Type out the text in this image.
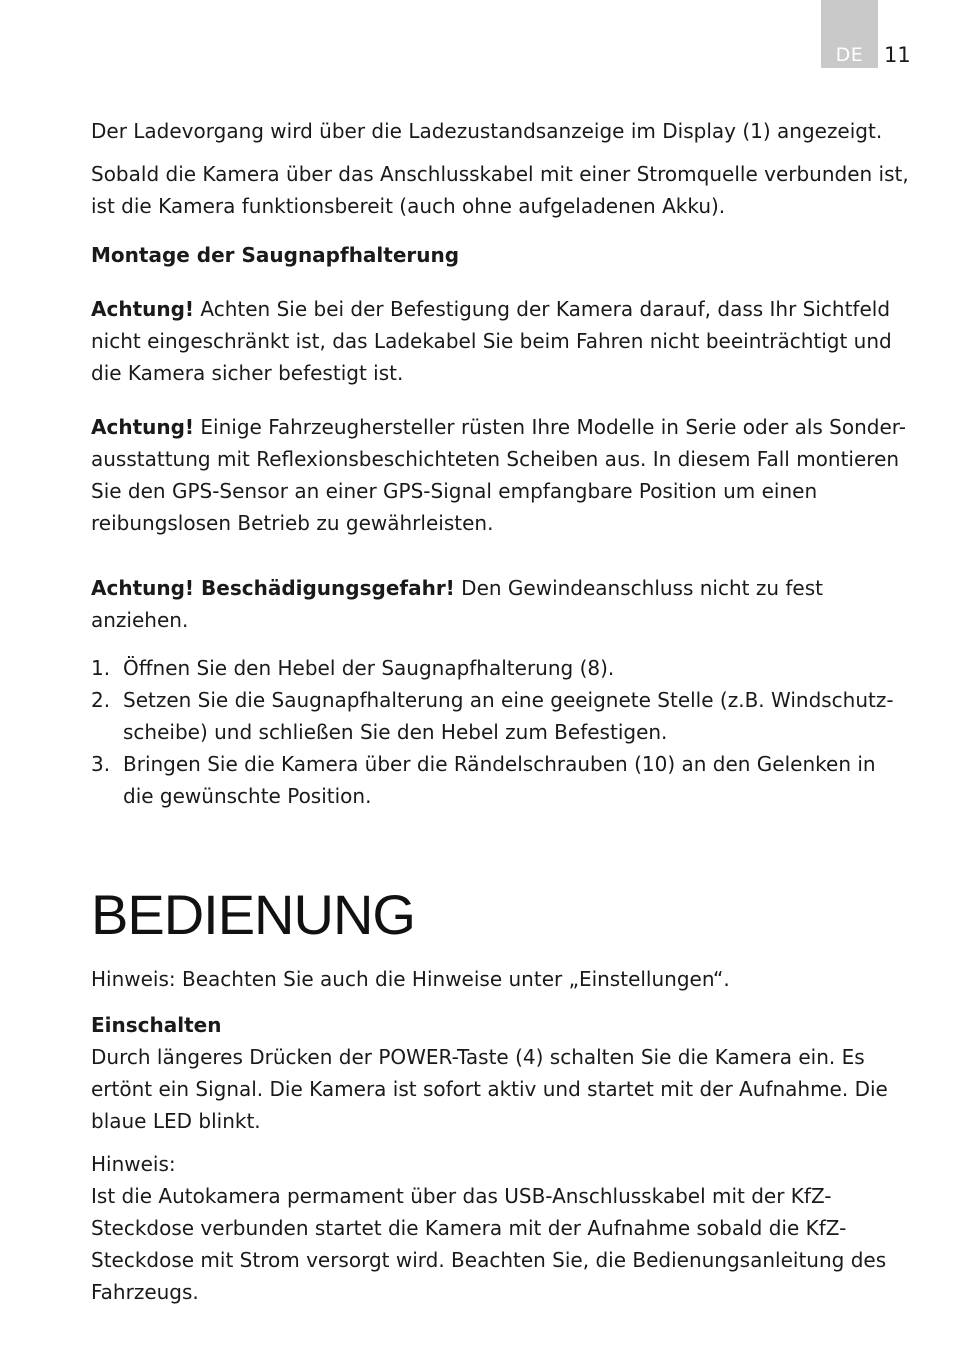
DE 11

Der Ladevorgang wird über die Ladezustandsanzeige im Display (1) angezeigt.

Sobald die Kamera über das Anschlusskabel mit einer Stromquelle verbunden ist, ist die Kamera funktionsbereit (auch ohne aufgeladenen Akku).

Montage der Saugnapfhalterung

Achtung! Achten Sie bei der Befestigung der Kamera darauf, dass Ihr Sichtfeld nicht eingeschränkt ist, das Ladekabel Sie beim Fahren nicht beeinträchtigt und die Kamera sicher befestigt ist.

Achtung! Einige Fahrzeughersteller rüsten Ihre Modelle in Serie oder als Sonder-ausstattung mit Reflexionsbeschichteten Scheiben aus. In diesem Fall montieren Sie den GPS-Sensor an einer GPS-Signal empfangbare Position um einen reibungslosen Betrieb zu gewährleisten.

Achtung! Beschädigungsgefahr! Den Gewindeanschluss nicht zu fest anziehen.

1. Öffnen Sie den Hebel der Saugnapfhalterung (8).
2. Setzen Sie die Saugnapfhalterung an eine geeignete Stelle (z.B. Windschutz-scheibe) und schließen Sie den Hebel zum Befestigen.
3. Bringen Sie die Kamera über die Rändelschrauben (10) an den Gelenken in die gewünschte Position.
BEDIENUNG

Hinweis: Beachten Sie auch die Hinweise unter „Einstellungen“.

Einschalten

Durch längeres Drücken der POWER-Taste (4) schalten Sie die Kamera ein. Es ertönt ein Signal. Die Kamera ist sofort aktiv und startet mit der Aufnahme. Die blaue LED blinkt.

Hinweis:

Ist die Autokamera permament über das USB-Anschlusskabel mit der KfZ-Steckdose verbunden startet die Kamera mit der Aufnahme sobald die KfZ-Steckdose mit Strom versorgt wird. Beachten Sie, die Bedienungsanleitung des Fahrzeugs.
